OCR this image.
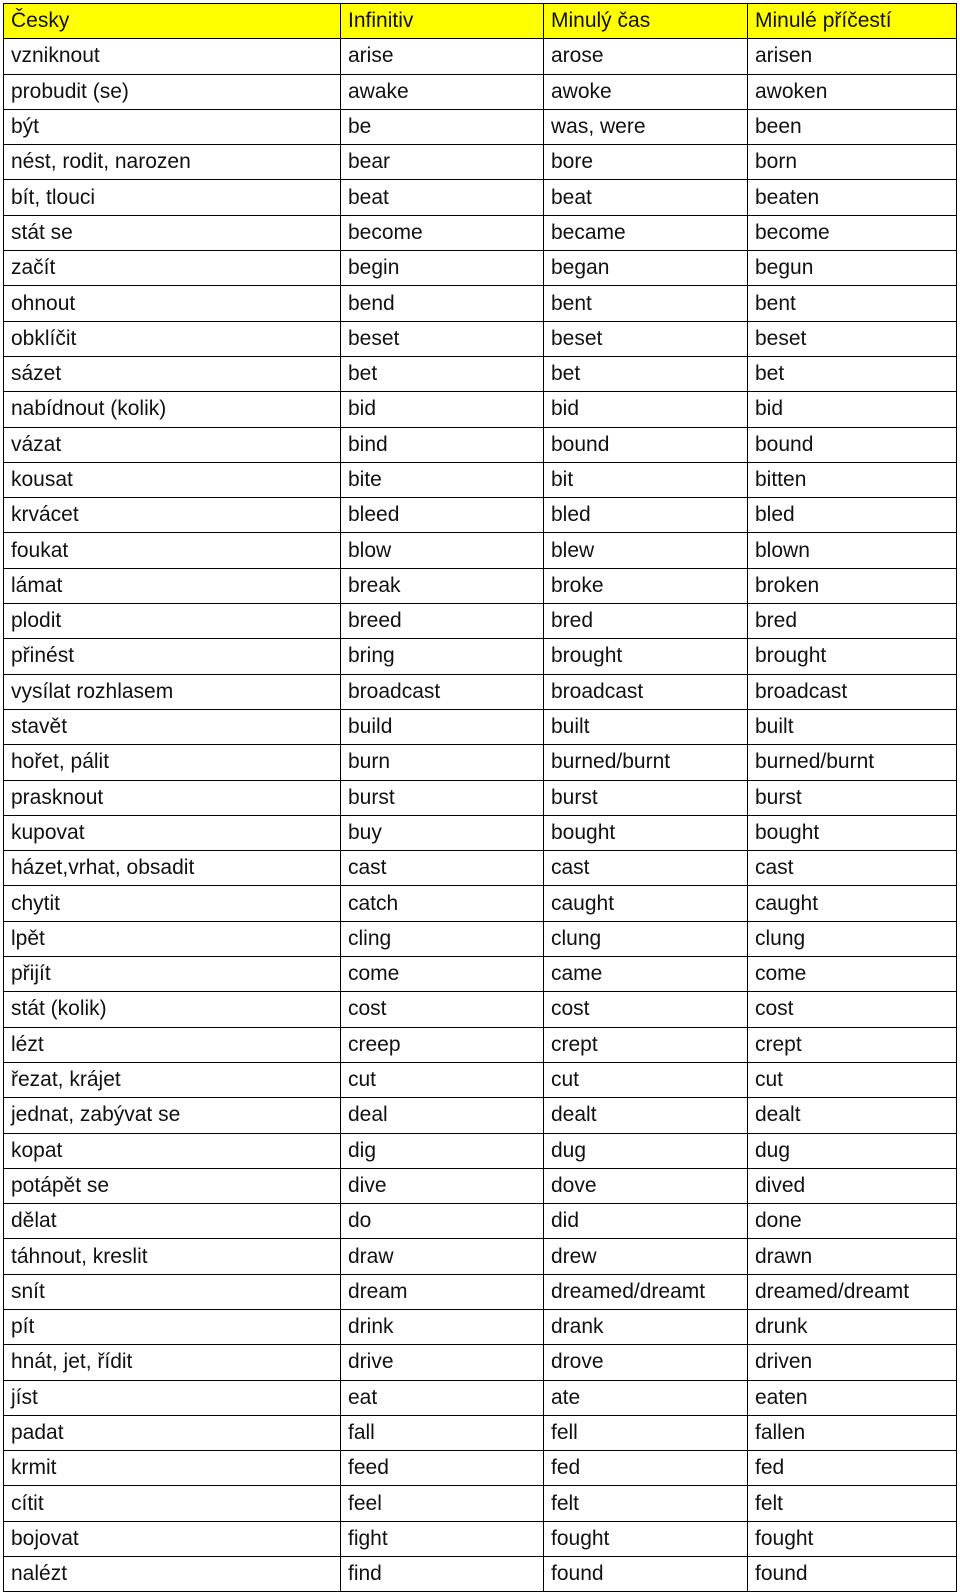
Česky	Infinitiv	Minulý čas	Minulé příčestí
vzniknout	arise	arose	arisen
probudit (se)	awake	awoke	awoken
být	be	was, were	been
nést, rodit, narozen	bear	bore	born
bít, tlouci	beat	beat	beaten
stát se	become	became	become
začít	begin	began	begun
ohnout	bend	bent	bent
obklíčit	beset	beset	beset
sázet	bet	bet	bet
nabídnout (kolik)	bid	bid	bid
vázat	bind	bound	bound
kousat	bite	bit	bitten
krvácet	bleed	bled	bled
foukat	blow	blew	blown
lámat	break	broke	broken
plodit	breed	bred	bred
přinést	bring	brought	brought
vysílat rozhlasem	broadcast	broadcast	broadcast
stavět	build	built	built
hořet, pálit	burn	burned/burnt	burned/burnt
prasknout	burst	burst	burst
kupovat	buy	bought	bought
házet,vrhat, obsadit	cast	cast	cast
chytit	catch	caught	caught
lpět	cling	clung	clung
přijít	come	came	come
stát (kolik)	cost	cost	cost
lézt	creep	crept	crept
řezat, krájet	cut	cut	cut
jednat, zabývat se	deal	dealt	dealt
kopat	dig	dug	dug
potápět se	dive	dove	dived
dělat	do	did	done
táhnout, kreslit	draw	drew	drawn
snít	dream	dreamed/dreamt	dreamed/dreamt
pít	drink	drank	drunk
hnát, jet, řídit	drive	drove	driven
jíst	eat	ate	eaten
padat	fall	fell	fallen
krmit	feed	fed	fed
cítit	feel	felt	felt
bojovat	fight	fought	fought
nalézt	find	found	found
